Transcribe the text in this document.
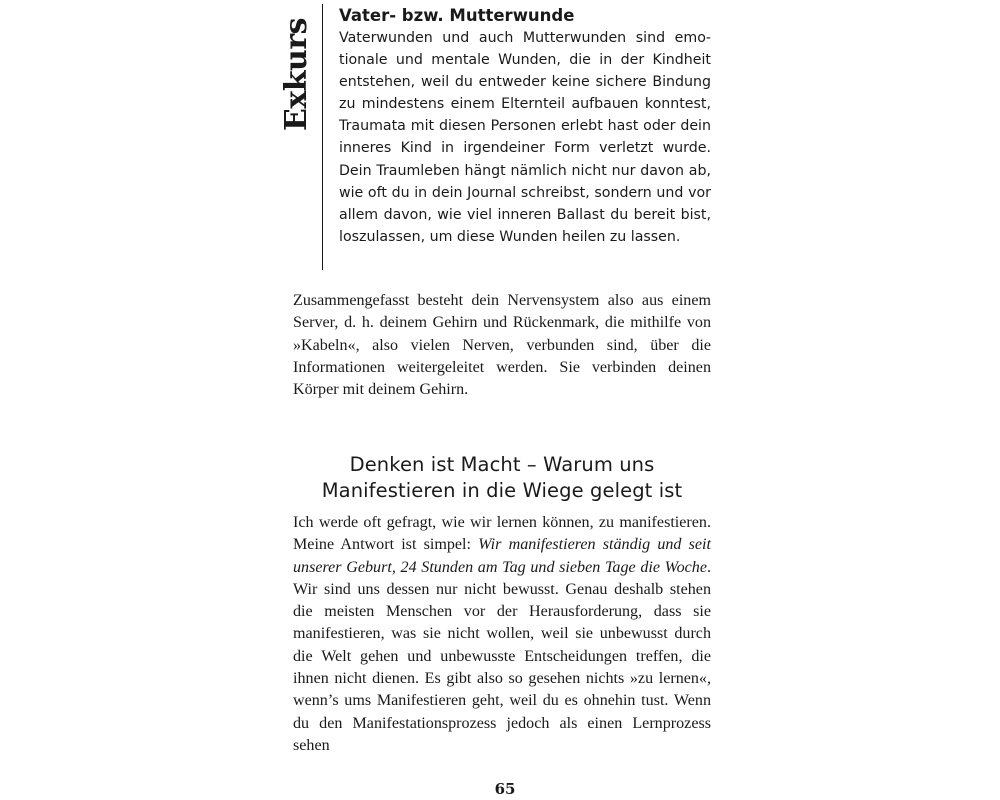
Exkurs
Vater- bzw. Mutterwunde

Vaterwunden und auch Mutterwunden sind emotionale und mentale Wunden, die in der Kindheit entstehen, weil du entweder keine sichere Bindung zu mindestens einem Elternteil aufbauen konntest, Traumata mit diesen Personen erlebt hast oder dein inneres Kind in irgendeiner Form verletzt wurde. Dein Traumleben hängt nämlich nicht nur davon ab, wie oft du in dein Journal schreibst, sondern und vor allem davon, wie viel inneren Ballast du bereit bist, loszulassen, um diese Wunden heilen zu lassen.

Zusammengefasst besteht dein Nervensystem also aus einem Server, d. h. deinem Gehirn und Rückenmark, die mithilfe von »Kabeln«, also vielen Nerven, verbunden sind, über die Informationen weitergeleitet werden. Sie verbinden deinen Körper mit deinem Gehirn.

Denken ist Macht – Warum uns
Manifestieren in die Wiege gelegt ist

Ich werde oft gefragt, wie wir lernen können, zu manifestieren. Meine Antwort ist simpel: Wir manifestieren ständig und seit unserer Geburt, 24 Stunden am Tag und sieben Tage die Woche. Wir sind uns dessen nur nicht bewusst. Genau deshalb stehen die meisten Menschen vor der Herausforderung, dass sie manifestieren, was sie nicht wollen, weil sie unbewusst durch die Welt gehen und unbewusste Entscheidungen treffen, die ihnen nicht dienen. Es gibt also so gesehen nichts »zu lernen«, wenn’s ums Manifestieren geht, weil du es ohnehin tust. Wenn du den Manifestationsprozess jedoch als einen Lernprozess sehen

65
